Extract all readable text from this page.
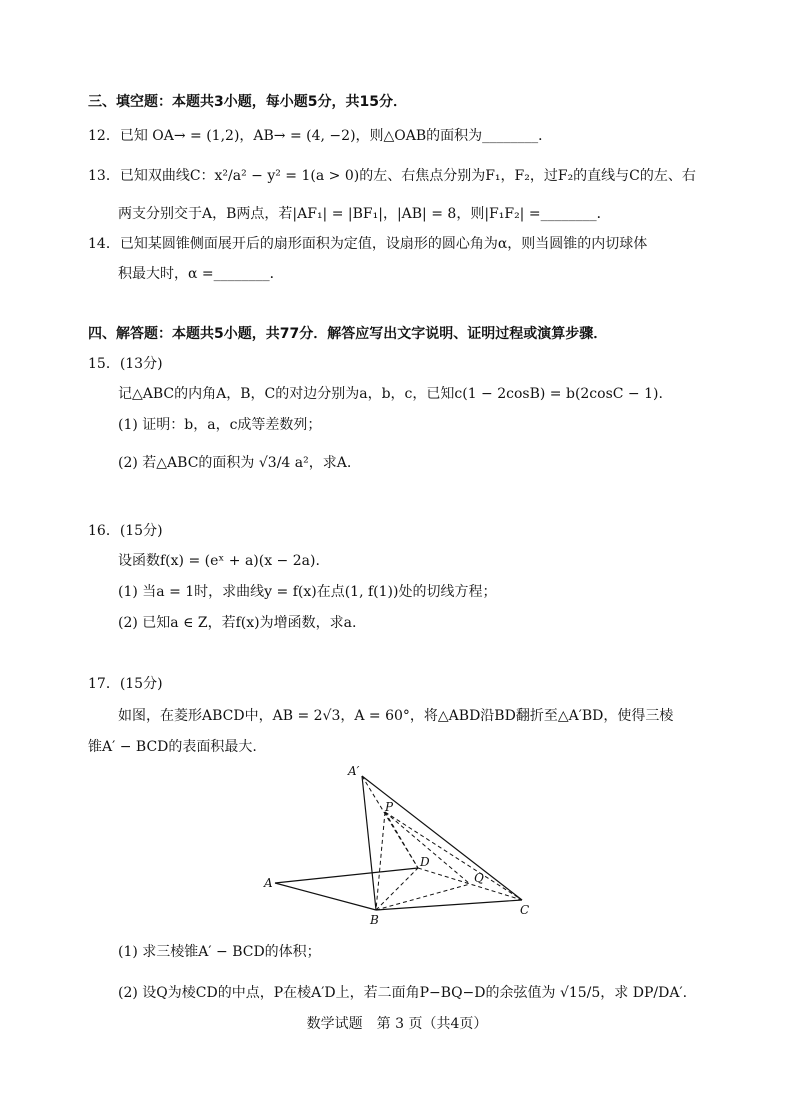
三、填空题：本题共3小题，每小题5分，共15分．
12．已知 OA→ = (1,2)，AB→ = (4, −2)，则△OAB的面积为________．
13．已知双曲线C：x²/a² − y² = 1(a > 0)的左、右焦点分别为F₁，F₂，过F₂的直线与C的左、右
两支分别交于A，B两点，若|AF₁| = |BF₁|，|AB| = 8，则|F₁F₂| =________．
14．已知某圆锥侧面展开后的扇形面积为定值，设扇形的圆心角为α，则当圆锥的内切球体
积最大时，α =________．
四、解答题：本题共5小题，共77分．解答应写出文字说明、证明过程或演算步骤．
15．(13分)
记△ABC的内角A，B，C的对边分别为a，b，c，已知c(1 − 2cosB) = b(2cosC − 1).
(1) 证明：b，a，c成等差数列；
(2) 若△ABC的面积为 √3/4 a²，求A.
16．(15分)
设函数f(x) = (eˣ + a)(x − 2a).
(1) 当a = 1时，求曲线y = f(x)在点(1, f(1))处的切线方程；
(2) 已知a ∈ Z，若f(x)为增函数，求a.
17．(15分)
如图，在菱形ABCD中，AB = 2√3，A = 60°，将△ABD沿BD翻折至△A′BD，使得三棱
锥A′ − BCD的表面积最大.
A′
P
D
Q
A
B
C
(1) 求三棱锥A′ − BCD的体积；
(2) 设Q为棱CD的中点，P在棱A′D上，若二面角P−BQ−D的余弦值为 √15/5，求 DP/DA′.
数学试题　第 3 页（共4页）
